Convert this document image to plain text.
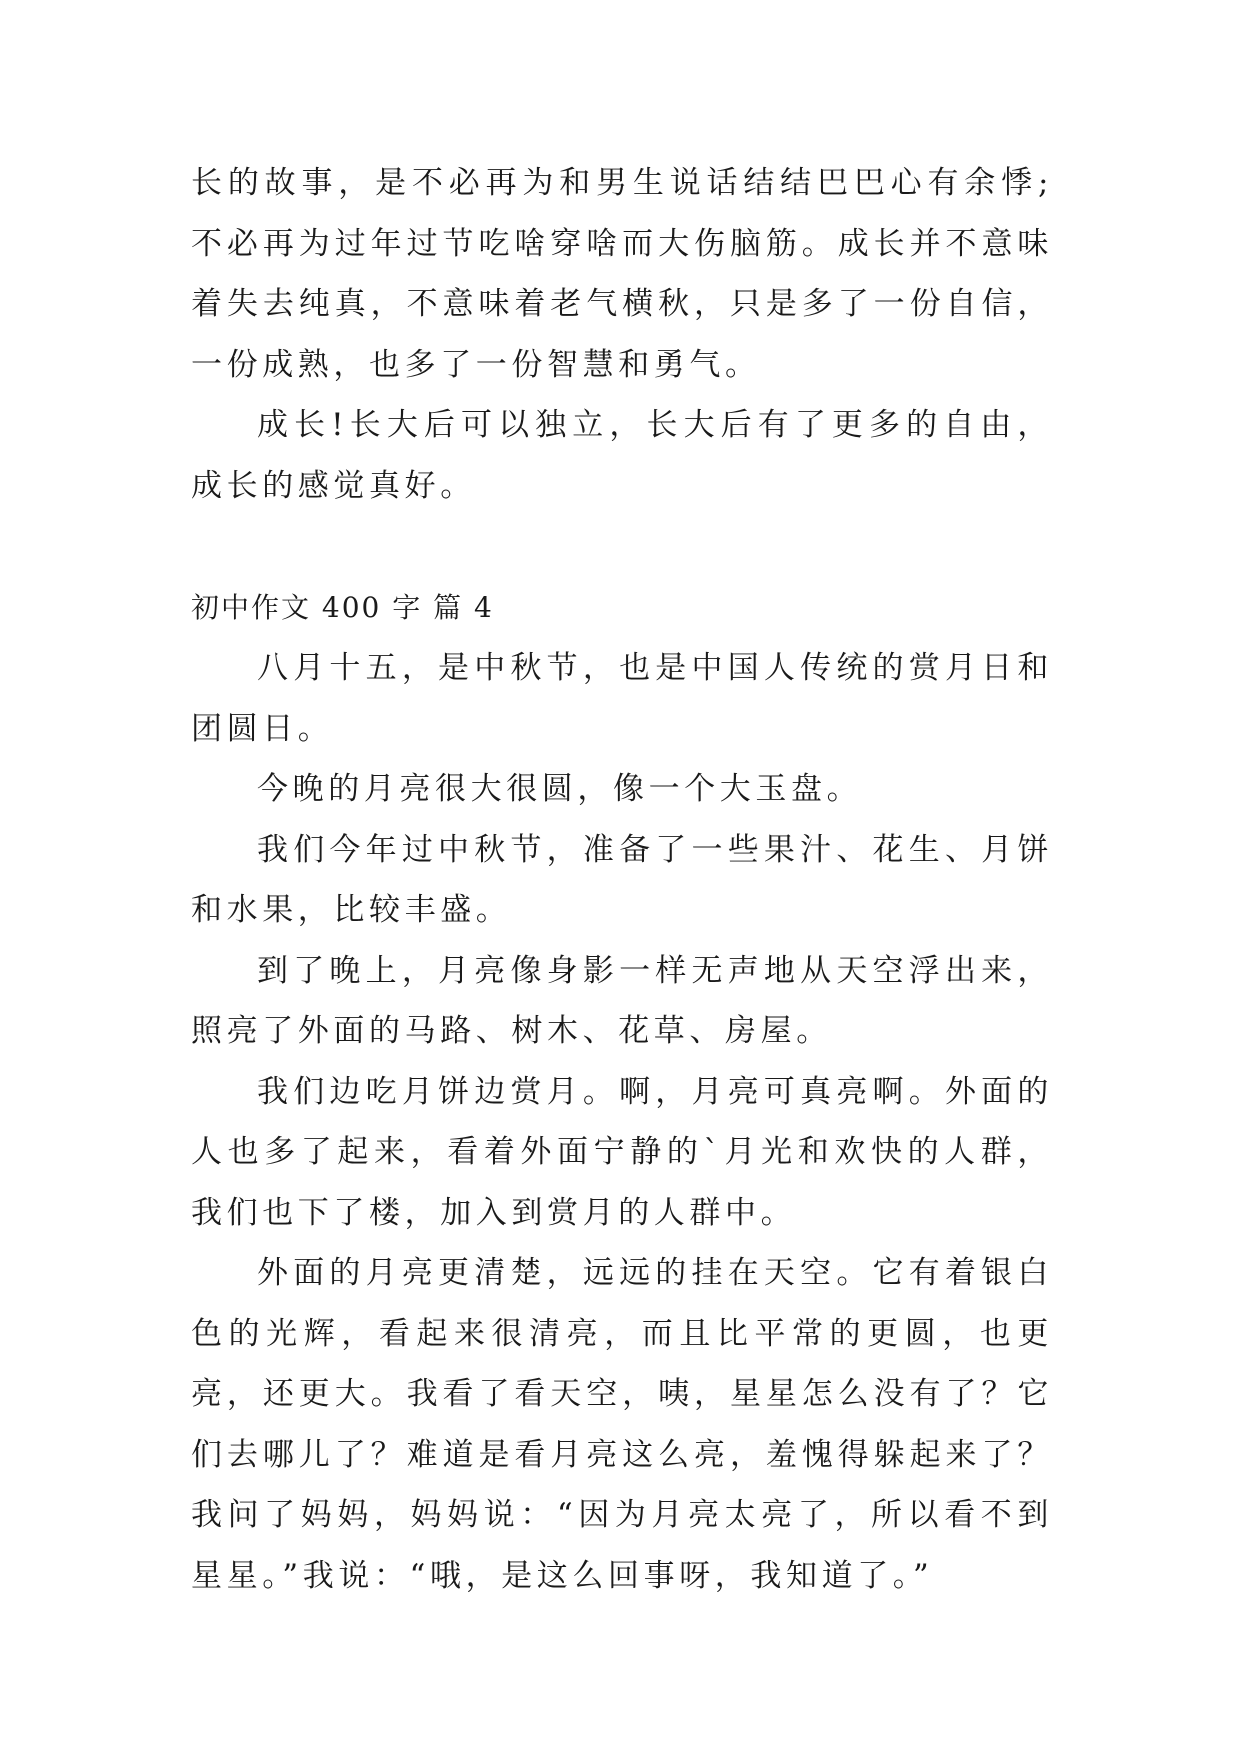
长的故事，是不必再为和男生说话结结巴巴心有余悸;不必再为过年过节吃啥穿啥而大伤脑筋。成长并不意味着失去纯真，不意味着老气横秋，只是多了一份自信，一份成熟，也多了一份智慧和勇气。

成长!长大后可以独立，长大后有了更多的自由，成长的感觉真好。

初中作文 400 字 篇 4

八月十五，是中秋节，也是中国人传统的赏月日和团圆日。

今晚的月亮很大很圆，像一个大玉盘。

我们今年过中秋节，准备了一些果汁、花生、月饼和水果，比较丰盛。

到了晚上，月亮像身影一样无声地从天空浮出来，照亮了外面的马路、树木、花草、房屋。

我们边吃月饼边赏月。啊，月亮可真亮啊。外面的人也多了起来，看着外面宁静的`月光和欢快的人群，我们也下了楼，加入到赏月的人群中。

外面的月亮更清楚，远远的挂在天空。它有着银白色的光辉，看起来很清亮，而且比平常的更圆，也更亮，还更大。我看了看天空，咦，星星怎么没有了？它们去哪儿了？难道是看月亮这么亮，羞愧得躲起来了？我问了妈妈，妈妈说：“因为月亮太亮了，所以看不到星星。”我说：“哦，是这么回事呀，我知道了。”
